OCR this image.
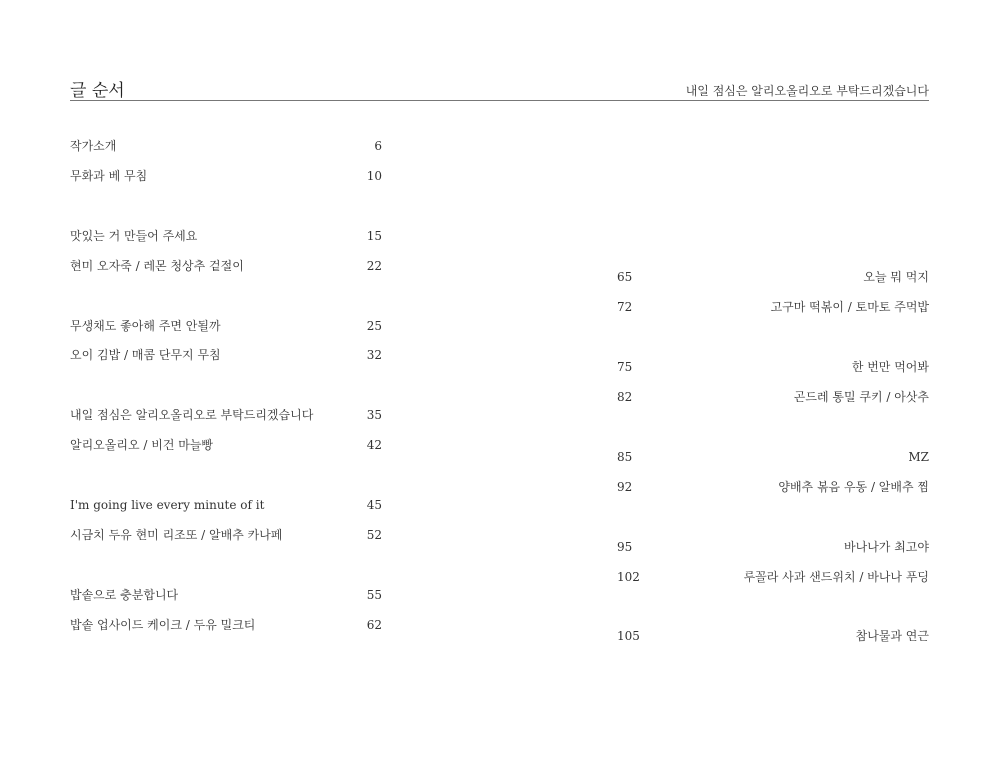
글 순서	내일 점심은 알리오올리오로 부탁드리겠습니다
작가소개	6
무화과 베 무침	10
맛있는 거 만들어 주세요	15
현미 오자죽 / 레몬 청상추 겉절이	22
무생채도 좋아해 주면 안될까	25
오이 김밥 / 매콤 단무지 무침	32
내일 점심은 알리오올리오로 부탁드리겠습니다	35
알리오올리오 / 비건 마늘빵	42
I'm going live every minute of it	45
시금치 두유 현미 리조또 / 알배추 카나페	52
밥솥으로 충분합니다	55
밥솥 업사이드 케이크 / 두유 밀크티	62
65	오늘 뭐 먹지
72	고구마 떡볶이 / 토마토 주먹밥
75	한 번만 먹어봐
82	곤드레 통밀 쿠키 / 아삿추
85	MZ
92	양배추 볶음 우동 / 알배추 찜
95	바나나가 최고야
102	루꼴라 사과 샌드위치 / 바나나 푸딩
105	참나물과 연근
